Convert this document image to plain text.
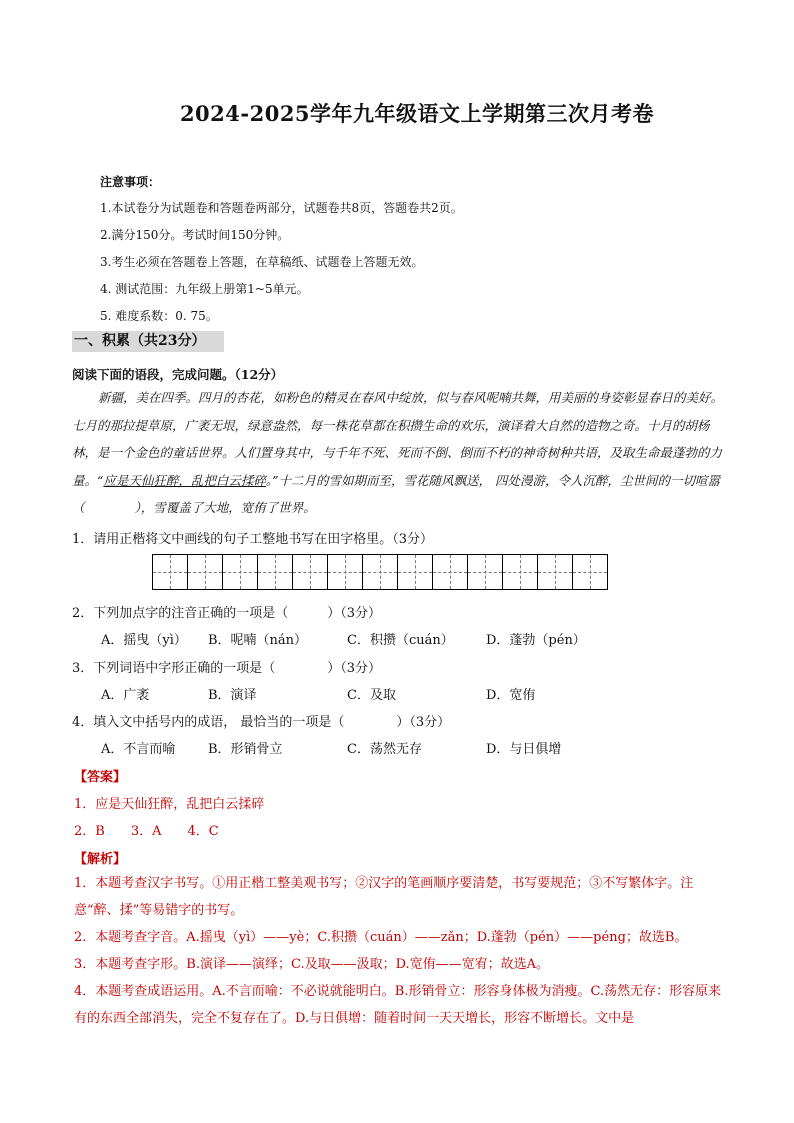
2024-2025学年九年级语文上学期第三次月考卷
注意事项：
1.本试卷分为试题卷和答题卷两部分，试题卷共8页，答题卷共2页。
2.满分150分。考试时间150分钟。
3.考生必须在答题卷上答题，在草稿纸、试题卷上答题无效。
4. 测试范围：九年级上册第1~5单元。
5. 难度系数：0. 75。
一、积累（共23分）
阅读下面的语段，完成问题。（12分）
新疆，美在四季。四月的杏花，如粉色的精灵在春风中绽放，似与春风呢喃共舞，用美丽的身姿彰显春日的美好。七月的那拉提草原，广袤无垠，绿意盎然，每一株花草都在积攒生命的欢乐，演译着大自然的造物之奇。十月的胡杨林，是一个金色的童话世界。人们置身其中，与千年不死、死而不倒、倒而不朽的神奇树种共语，及取生命最蓬勃的力量。“应是天仙狂醉，乱把白云揉碎。”十二月的雪如期而至，雪花随风飘送， 四处漫游，令人沉醉，尘世间的一切喧嚣（　　　　），雪覆盖了大地，宽侑了世界。
1．请用正楷将文中画线的句子工整地书写在田字格里。（3分）
2．下列加点字的注音正确的一项是（　　　）（3分）
A．摇曳（yì） B．呢喃（nán）	C．积攒（cuán） D．蓬勃（pén）
3．下列词语中字形正确的一项是（　　　　）（3分）
A．广袤	B．演译	C．及取	D．宽侑
4．填入文中括号内的成语， 最恰当的一项是（　　　　）（3分）
A．不言而喻	B．形销骨立	C．荡然无存	D．与日俱增
【答案】
1．应是天仙狂醉，乱把白云揉碎
2．B　　3．A　　4．C
【解析】
1．本题考查汉字书写。①用正楷工整美观书写；②汉字的笔画顺序要清楚，书写要规范；③不写繁体字。注意“醉、揉”等易错字的书写。
2．本题考查字音。A.摇曳（yì）——yè；C.积攒（cuán）——zǎn；D.蓬勃（pén）——péng；故选B。
3．本题考查字形。B.演译——演绎；C.及取——汲取；D.宽侑——宽宥；故选A。
4．本题考查成语运用。A.不言而喻：不必说就能明白。B.形销骨立：形容身体极为消瘦。C.荡然无存：形容原来有的东西全部消失，完全不复存在了。D.与日俱增：随着时间一天天增长，形容不断增长。文中是
